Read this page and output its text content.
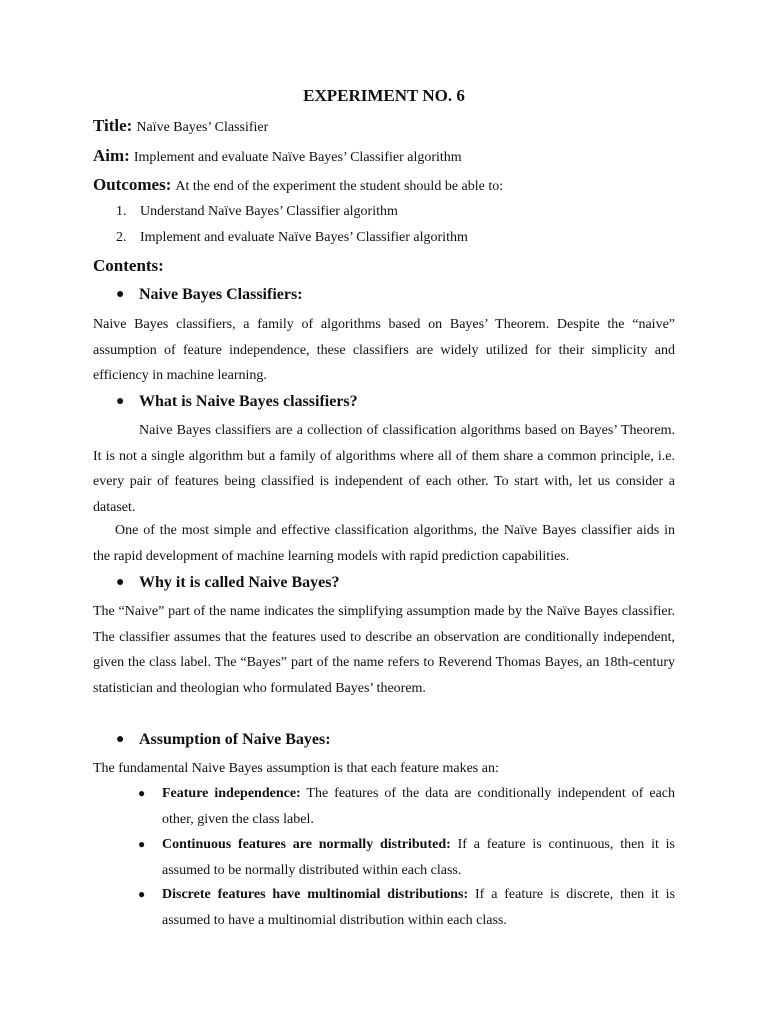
EXPERIMENT NO. 6
Title: Naïve Bayes’ Classifier
Aim: Implement and evaluate Naïve Bayes’ Classifier algorithm
Outcomes: At the end of the experiment the student should be able to:
1. Understand Naïve Bayes’ Classifier algorithm
2. Implement and evaluate Naïve Bayes’ Classifier algorithm
Contents:
● Naive Bayes Classifiers:

Naive Bayes classifiers, a family of algorithms based on Bayes’ Theorem. Despite the “naive” assumption of feature independence, these classifiers are widely utilized for their simplicity and efficiency in machine learning.

● What is Naive Bayes classifiers?

Naive Bayes classifiers are a collection of classification algorithms based on Bayes’ Theorem. It is not a single algorithm but a family of algorithms where all of them share a common principle, i.e. every pair of features being classified is independent of each other. To start with, let us consider a dataset.

One of the most simple and effective classification algorithms, the Naïve Bayes classifier aids in the rapid development of machine learning models with rapid prediction capabilities.

● Why it is called Naive Bayes?

The “Naive” part of the name indicates the simplifying assumption made by the Naïve Bayes classifier. The classifier assumes that the features used to describe an observation are conditionally independent, given the class label. The “Bayes” part of the name refers to Reverend Thomas Bayes, an 18th-century statistician and theologian who formulated Bayes’ theorem.

● Assumption of Naive Bayes:

The fundamental Naive Bayes assumption is that each feature makes an:

● Feature independence: The features of the data are conditionally independent of each other, given the class label.

● Continuous features are normally distributed: If a feature is continuous, then it is assumed to be normally distributed within each class.

● Discrete features have multinomial distributions: If a feature is discrete, then it is assumed to have a multinomial distribution within each class.
